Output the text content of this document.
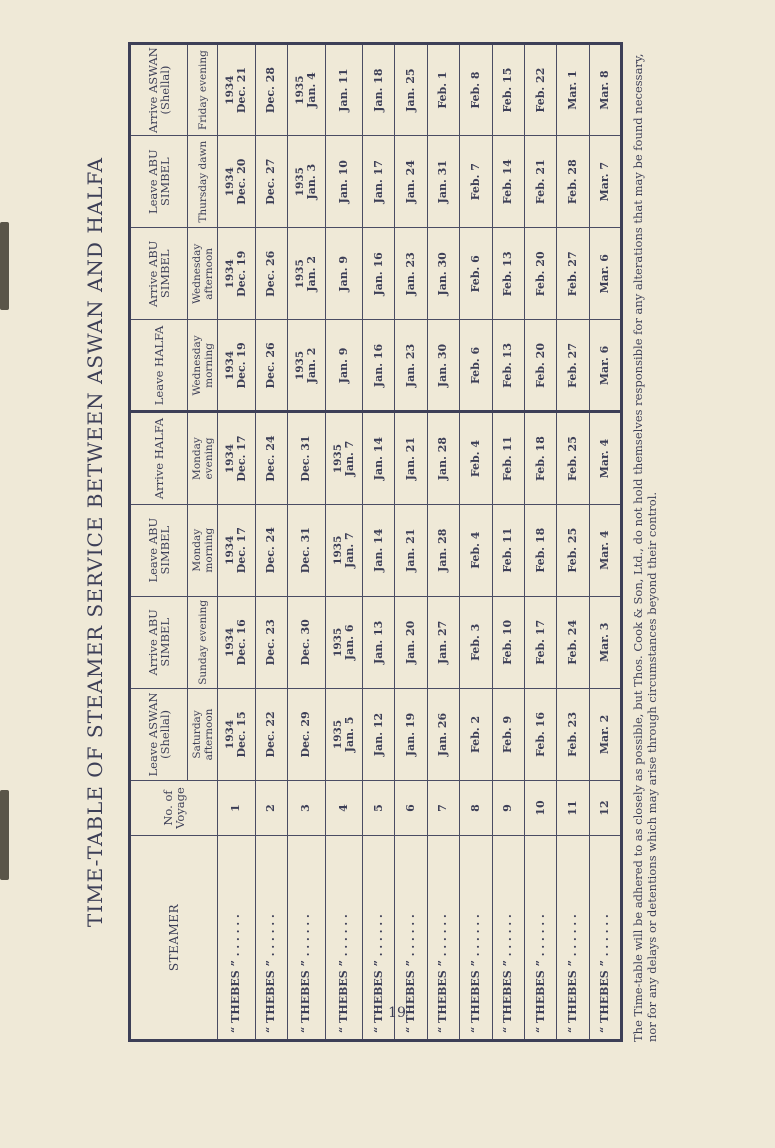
TIME-TABLE OF STEAMER SERVICE BETWEEN ASWAN AND HALFA
STEAMER	No. of Voyage	Leave ASWAN (Shellal)	Arrive ABU SIMBEL	Leave ABU SIMBEL	Arrive HALFA	Leave HALFA	Arrive ABU SIMBEL	Leave ABU SIMBEL	Arrive ASWAN (Shellal)
		Saturday afternoon	Sunday evening	Monday morning	Monday evening	Wednesday morning	Wednesday afternoon	Thursday dawn	Friday evening
“ THEBES ” . . . . . .	1	1934 Dec. 15	1934 Dec. 16	1934 Dec. 17	1934 Dec. 17	1934 Dec. 19	1934 Dec. 19	1934 Dec. 20	1934 Dec. 21
“ THEBES ” . . . . . .	2	Dec. 22	Dec. 23	Dec. 24	Dec. 24	Dec. 26	Dec. 26	Dec. 27	Dec. 28
“ THEBES ” . . . . . .	3	Dec. 29	Dec. 30	Dec. 31	Dec. 31	1935 Jan. 2	1935 Jan. 2	1935 Jan. 3	1935 Jan. 4
“ THEBES ” . . . . . .	4	1935 Jan. 5	1935 Jan. 6	1935 Jan. 7	1935 Jan. 7	Jan. 9	Jan. 9	Jan. 10	Jan. 11
“ THEBES ” . . . . . .	5	Jan. 12	Jan. 13	Jan. 14	Jan. 14	Jan. 16	Jan. 16	Jan. 17	Jan. 18
“ THEBES ” . . . . . .	6	Jan. 19	Jan. 20	Jan. 21	Jan. 21	Jan. 23	Jan. 23	Jan. 24	Jan. 25
“ THEBES ” . . . . . .	7	Jan. 26	Jan. 27	Jan. 28	Jan. 28	Jan. 30	Jan. 30	Jan. 31	Feb. 1
“ THEBES ” . . . . . .	8	Feb. 2	Feb. 3	Feb. 4	Feb. 4	Feb. 6	Feb. 6	Feb. 7	Feb. 8
“ THEBES ” . . . . . .	9	Feb. 9	Feb. 10	Feb. 11	Feb. 11	Feb. 13	Feb. 13	Feb. 14	Feb. 15
“ THEBES ” . . . . . .	10	Feb. 16	Feb. 17	Feb. 18	Feb. 18	Feb. 20	Feb. 20	Feb. 21	Feb. 22
“ THEBES ” . . . . . .	11	Feb. 23	Feb. 24	Feb. 25	Feb. 25	Feb. 27	Feb. 27	Feb. 28	Mar. 1
“ THEBES ” . . . . . .	12	Mar. 2	Mar. 3	Mar. 4	Mar. 4	Mar. 6	Mar. 6	Mar. 7	Mar. 8 The Time-table will be adhered to as closely as possible, but Thos. Cook & Son, Ltd., do not hold themselves responsible for any alterations that may be found necessary, nor for any delays or detentions which may arise through circumstances beyond their control.
19
